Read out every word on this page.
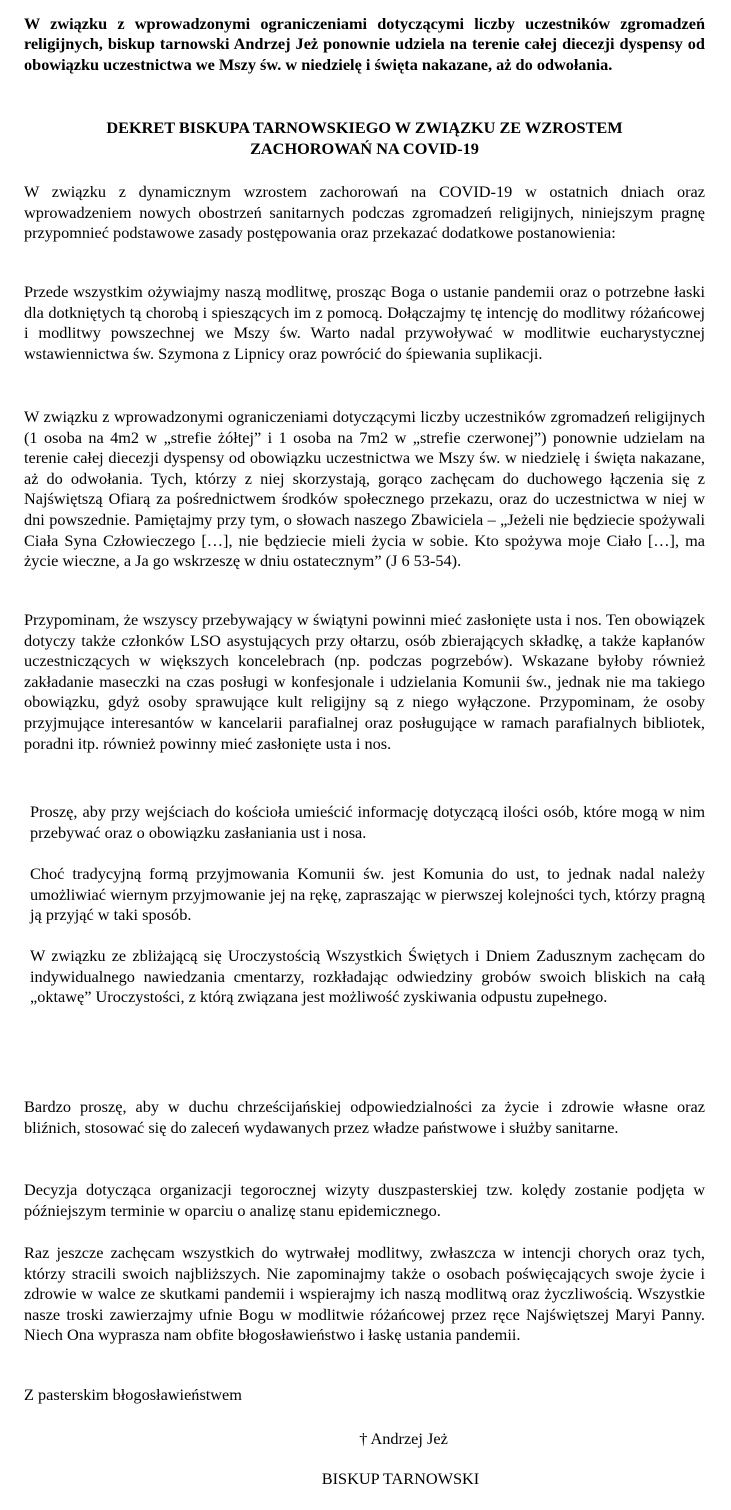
W związku z wprowadzonymi ograniczeniami dotyczącymi liczby uczestników zgromadzeń religijnych, biskup tarnowski Andrzej Jeż ponownie udziela na terenie całej diecezji dyspensy od obowiązku uczestnictwa we Mszy św. w niedzielę i święta nakazane, aż do odwołania.

DEKRET BISKUPA TARNOWSKIEGO W ZWIĄZKU ZE WZROSTEM
ZACHOROWAŃ NA COVID-19

W związku z dynamicznym wzrostem zachorowań na COVID-19 w ostatnich dniach oraz wprowadzeniem nowych obostrzeń sanitarnych podczas zgromadzeń religijnych, niniejszym pragnę przypomnieć podstawowe zasady postępowania oraz przekazać dodatkowe postanowienia:

Przede wszystkim ożywiajmy naszą modlitwę, prosząc Boga o ustanie pandemii oraz o potrzebne łaski dla dotkniętych tą chorobą i spieszących im z pomocą. Dołączajmy tę intencję do modlitwy różańcowej i modlitwy powszechnej we Mszy św. Warto nadal przywoływać w modlitwie eucharystycznej wstawiennictwa św. Szymona z Lipnicy oraz powrócić do śpiewania suplikacji.

W związku z wprowadzonymi ograniczeniami dotyczącymi liczby uczestników zgromadzeń religijnych (1 osoba na 4m2 w „strefie żółtej” i 1 osoba na 7m2 w „strefie czerwonej”) ponownie udzielam na terenie całej diecezji dyspensy od obowiązku uczestnictwa we Mszy św. w niedzielę i święta nakazane, aż do odwołania. Tych, którzy z niej skorzystają, gorąco zachęcam do duchowego łączenia się z Najświętszą Ofiarą za pośrednictwem środków społecznego przekazu, oraz do uczestnictwa w niej w dni powszednie. Pamiętajmy przy tym, o słowach naszego Zbawiciela – „Jeżeli nie będziecie spożywali Ciała Syna Człowieczego […], nie będziecie mieli życia w sobie. Kto spożywa moje Ciało […], ma życie wieczne, a Ja go wskrzeszę w dniu ostatecznym” (J 6 53-54).

Przypominam, że wszyscy przebywający w świątyni powinni mieć zasłonięte usta i nos. Ten obowiązek dotyczy także członków LSO asystujących przy ołtarzu, osób zbierających składkę, a także kapłanów uczestniczących w większych koncelebrach (np. podczas pogrzebów). Wskazane byłoby również zakładanie maseczki na czas posługi w konfesjonale i udzielania Komunii św., jednak nie ma takiego obowiązku, gdyż osoby sprawujące kult religijny są z niego wyłączone. Przypominam, że osoby przyjmujące interesantów w kancelarii parafialnej oraz posługujące w ramach parafialnych bibliotek, poradni itp. również powinny mieć zasłonięte usta i nos.

Proszę, aby przy wejściach do kościoła umieścić informację dotyczącą ilości osób, które mogą w nim przebywać oraz o obowiązku zasłaniania ust i nosa.

Choć tradycyjną formą przyjmowania Komunii św. jest Komunia do ust, to jednak nadal należy umożliwiać wiernym przyjmowanie jej na rękę, zapraszając w pierwszej kolejności tych, którzy pragną ją przyjąć w taki sposób.

W związku ze zbliżającą się Uroczystością Wszystkich Świętych i Dniem Zadusznym zachęcam do indywidualnego nawiedzania cmentarzy, rozkładając odwiedziny grobów swoich bliskich na całą „oktawę” Uroczystości, z którą związana jest możliwość zyskiwania odpustu zupełnego.

Bardzo proszę, aby w duchu chrześcijańskiej odpowiedzialności za życie i zdrowie własne oraz bliźnich, stosować się do zaleceń wydawanych przez władze państwowe i służby sanitarne.

Decyzja dotycząca organizacji tegorocznej wizyty duszpasterskiej tzw. kolędy zostanie podjęta w późniejszym terminie w oparciu o analizę stanu epidemicznego.

Raz jeszcze zachęcam wszystkich do wytrwałej modlitwy, zwłaszcza w intencji chorych oraz tych, którzy stracili swoich najbliższych. Nie zapominajmy także o osobach poświęcających swoje życie i zdrowie w walce ze skutkami pandemii i wspierajmy ich naszą modlitwą oraz życzliwością. Wszystkie nasze troski zawierzajmy ufnie Bogu w modlitwie różańcowej przez ręce Najświętszej Maryi Panny. Niech Ona wyprasza nam obfite błogosławieństwo i łaskę ustania pandemii.

Z pasterskim błogosławieństwem

† Andrzej Jeż

BISKUP TARNOWSKI
